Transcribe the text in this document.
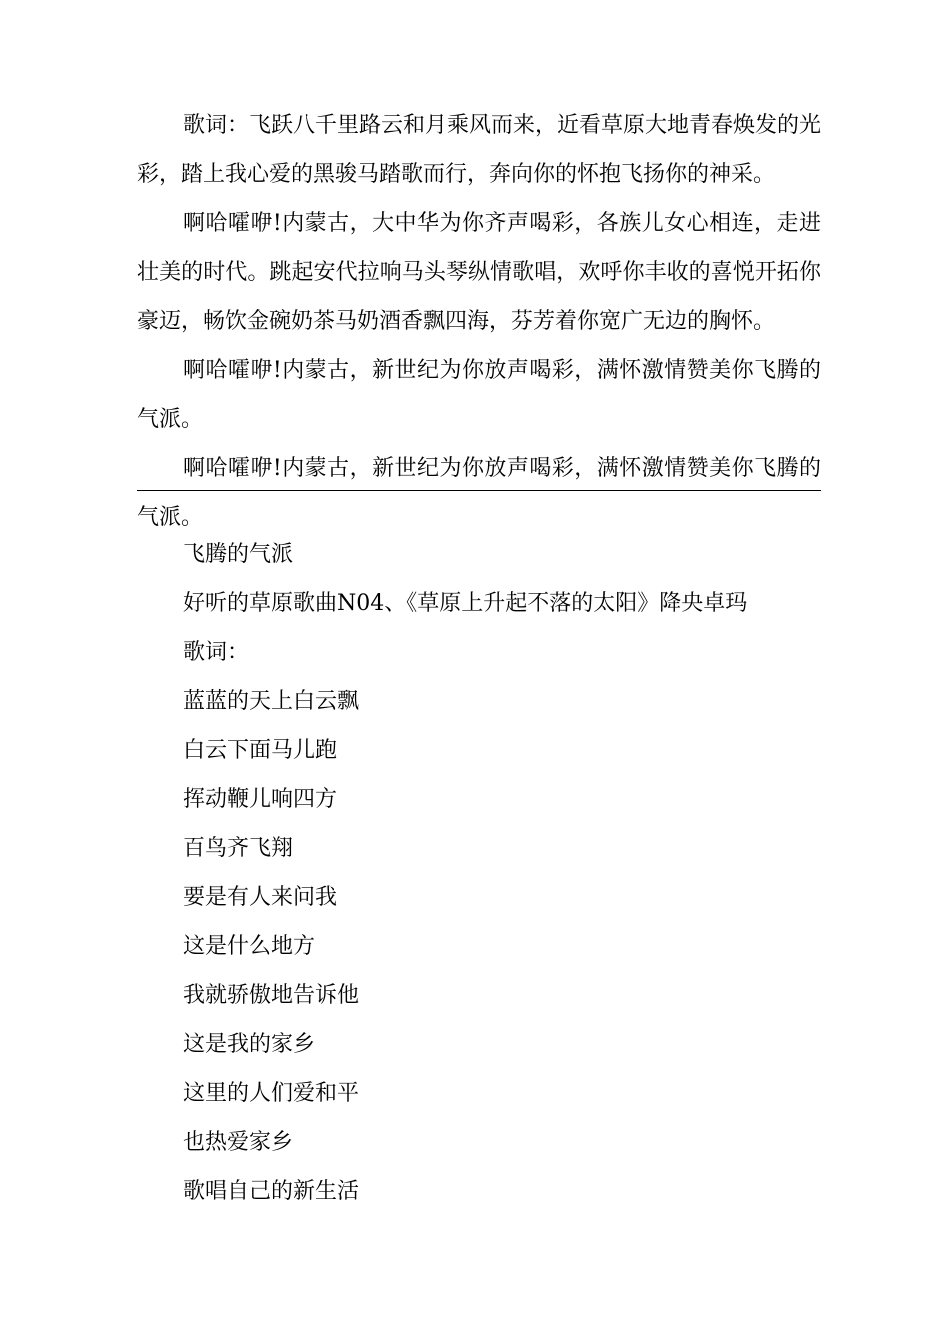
歌词：飞跃八千里路云和月乘风而来，近看草原大地青春焕发的光彩，踏上我心爱的黑骏马踏歌而行，奔向你的怀抱飞扬你的神采。

啊哈嚯咿!内蒙古，大中华为你齐声喝彩，各族儿女心相连，走进壮美的时代。跳起安代拉响马头琴纵情歌唱，欢呼你丰收的喜悦开拓你豪迈，畅饮金碗奶茶马奶酒香飘四海，芬芳着你宽广无边的胸怀。

啊哈嚯咿!内蒙古，新世纪为你放声喝彩，满怀激情赞美你飞腾的气派。

啊哈嚯咿!内蒙古，新世纪为你放声喝彩，满怀激情赞美你飞腾的气派。

飞腾的气派

好听的草原歌曲N04、《草原上升起不落的太阳》降央卓玛

歌词：

蓝蓝的天上白云飘

白云下面马儿跑

挥动鞭儿响四方

百鸟齐飞翔

要是有人来问我

这是什么地方

我就骄傲地告诉他

这是我的家乡

这里的人们爱和平

也热爱家乡

歌唱自己的新生活
